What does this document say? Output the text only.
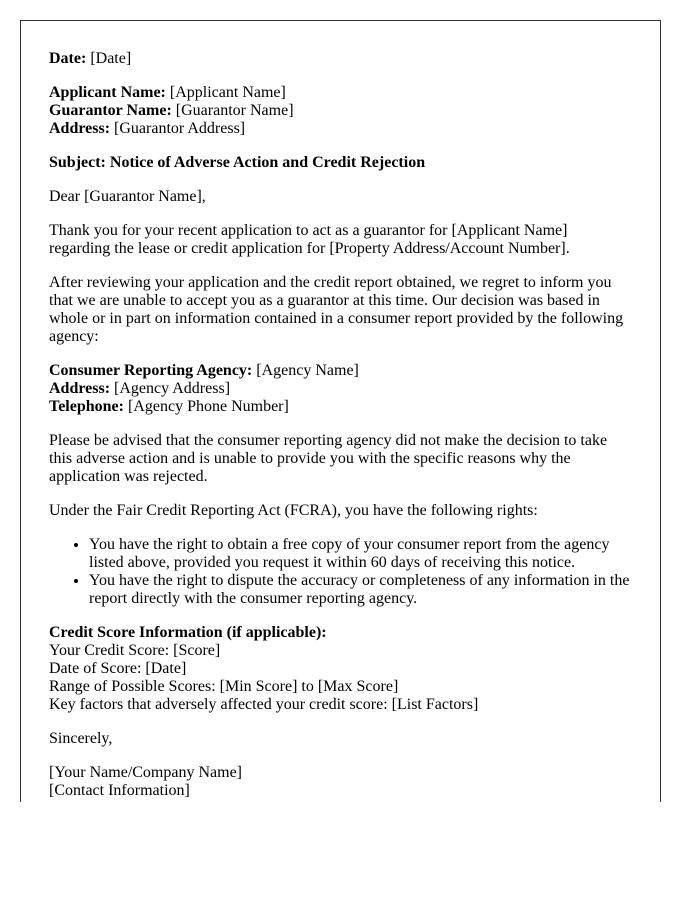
Date: [Date]

Applicant Name: [Applicant Name]
Guarantor Name: [Guarantor Name]
Address: [Guarantor Address]

Subject: Notice of Adverse Action and Credit Rejection

Dear [Guarantor Name],

Thank you for your recent application to act as a guarantor for [Applicant Name] regarding the lease or credit application for [Property Address/Account Number].

After reviewing your application and the credit report obtained, we regret to inform you that we are unable to accept you as a guarantor at this time. Our decision was based in whole or in part on information contained in a consumer report provided by the following agency:

Consumer Reporting Agency: [Agency Name]
Address: [Agency Address]
Telephone: [Agency Phone Number]

Please be advised that the consumer reporting agency did not make the decision to take this adverse action and is unable to provide you with the specific reasons why the application was rejected.

Under the Fair Credit Reporting Act (FCRA), you have the following rights:

• You have the right to obtain a free copy of your consumer report from the agency listed above, provided you request it within 60 days of receiving this notice.
• You have the right to dispute the accuracy or completeness of any information in the report directly with the consumer reporting agency.

Credit Score Information (if applicable):
Your Credit Score: [Score]
Date of Score: [Date]
Range of Possible Scores: [Min Score] to [Max Score]
Key factors that adversely affected your credit score: [List Factors]

Sincerely,

[Your Name/Company Name]
[Contact Information]
